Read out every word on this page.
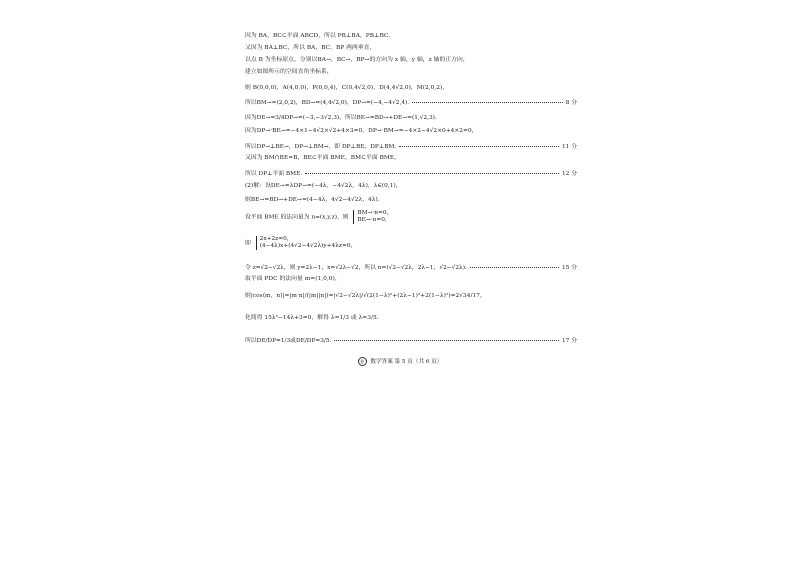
因为 BA，BC⊂平面 ABCD，所以 PB⊥BA，PB⊥BC.
又因为 BA⊥BC，所以 BA，BC，BP 两两垂直，
以点 B 为坐标原点，分别以BA→，BC→，BP→的方向为 x 轴，y 轴，z 轴的正方向，
建立如图所示的空间直角坐标系，
则 B(0,0,0)，A(4,0,0)，P(0,0,4)，C(0,4√2,0)，D(4,4√2,0)，M(2,0,2)，
所以BM→=(2,0,2)，BD→=(4,4√2,0)，DP→=(−4,−4√2,4).	8 分
因为DE→=3/4DP→=(−3,−3√2,3)，所以BE→=BD→+DE→=(1,√2,3).
因为DP→·BE→=−4×1−4√2×√2+4×3=0，DP→·BM→=−4×2−4√2×0+4×2=0，
所以DP→⊥BE→，DP→⊥BM→，即 DP⊥BE，DP⊥BM.	11 分
又因为 BM∩BE=B，BE⊂平面 BME，BM⊂平面 BME，
所以 DP⊥平面 BME.	12 分
(2)解：设DE→=λDP→=(−4λ，−4√2λ，4λ)，λ∈(0,1)，
则BE→=BD→+DE→=(4−4λ，4√2−4√2λ，4λ).
设平面 BME 的法向量为 n=(x,y,z)，则
BM→·n=0，
BE→·n=0，
即
2x+2z=0，
(4−4λ)x+(4√2−4√2λ)y+4λz=0，
令 z=√2−√2λ，则 y=2λ−1，x=√2λ−√2，所以 n=(√2−√2λ，2λ−1，√2−√2λ).	15 分
取平面 PDC 的法向量 m=(1,0,0)，
则|cos⟨m，n⟩|=|m·n|/(|m||n|)=|√2−√2λ|/√(2(1−λ)²+(2λ−1)²+2(1−λ)²)=2√34/17，
化简得 15λ²−14λ+3=0，解得 λ=1/3 或 λ=3/5.
所以DE/DP=1/3或DE/DP=3/5.	17 分
卷 数学答案 第 5 页（共 6 页）
